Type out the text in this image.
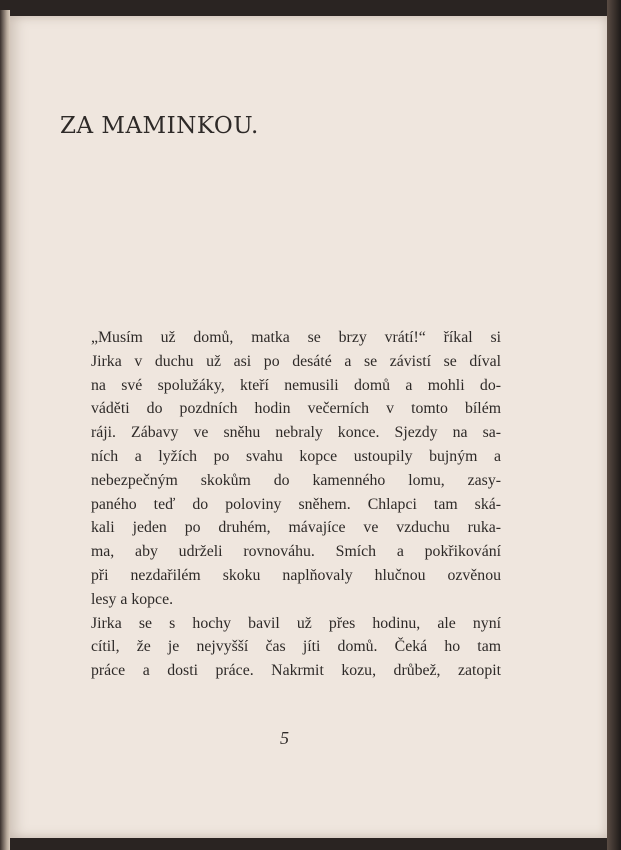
ZA MAMINKOU.

„Musím už domů, matka se brzy vrátí!“ říkal si
Jirka v duchu už asi po desáté a se závistí se díval
na své spolužáky, kteří nemusili domů a mohli do-
váděti do pozdních hodin večerních v tomto bílém
ráji. Zábavy ve sněhu nebraly konce. Sjezdy na sa-
ních a lyžích po svahu kopce ustoupily bujným a
nebezpečným skokům do kamenného lomu, zasy-
paného teď do poloviny sněhem. Chlapci tam ská-
kali jeden po druhém, mávajíce ve vzduchu ruka-
ma, aby udrželi rovnováhu. Smích a pokřikování
při nezdařilém skoku naplňovaly hlučnou ozvěnou
lesy a kopce.

Jirka se s hochy bavil už přes hodinu, ale nyní
cítil, že je nejvyšší čas jíti domů. Čeká ho tam
práce a dosti práce. Nakrmit kozu, drůbež, zatopit

5
